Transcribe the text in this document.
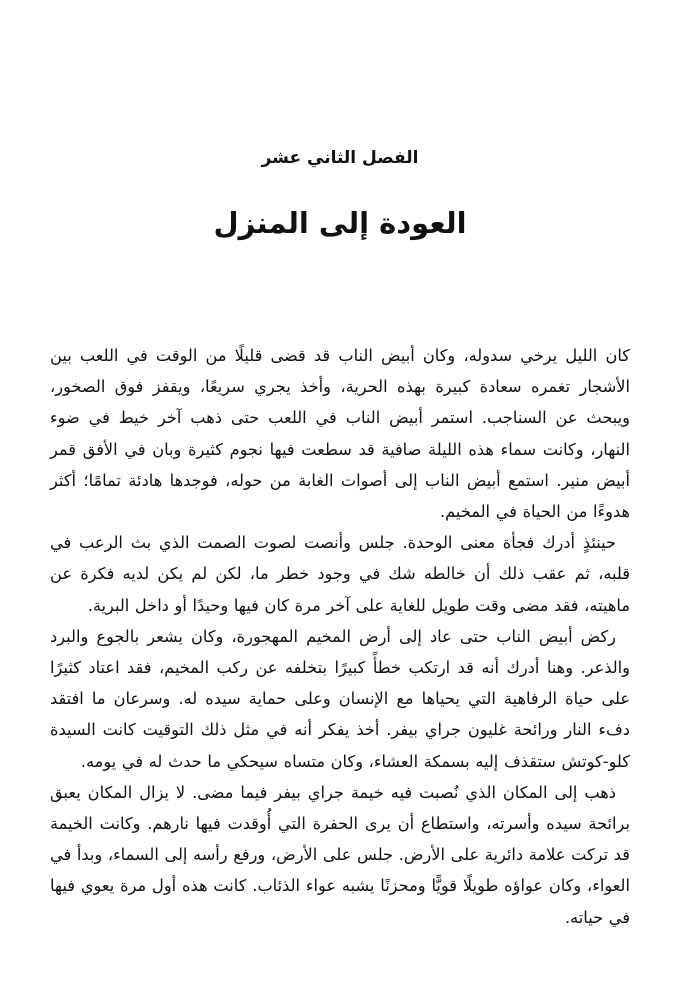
الفصل الثاني عشر
العودة إلى المنزل

كان الليل يرخي سدوله، وكان أبيض الناب قد قضى قليلًا من الوقت في اللعب بين الأشجار تغمره سعادة كبيرة بهذه الحرية، وأخذ يجري سريعًا، ويقفز فوق الصخور، ويبحث عن السناجب. استمر أبيض الناب في اللعب حتى ذهب آخر خيط في ضوء النهار، وكانت سماء هذه الليلة صافية قد سطعت فيها نجوم كثيرة وبان في الأفق قمر أبيض منير. استمع أبيض الناب إلى أصوات الغابة من حوله، فوجدها هادئة تمامًا؛ أكثر هدوءًا من الحياة في المخيم.

حينئذٍ أدرك فجأة معنى الوحدة. جلس وأنصت لصوت الصمت الذي بث الرعب في قلبه، ثم عقب ذلك أن خالطه شك في وجود خطر ما، لكن لم يكن لديه فكرة عن ماهيته، فقد مضى وقت طويل للغاية على آخر مرة كان فيها وحيدًا أو داخل البرية.

ركض أبيض الناب حتى عاد إلى أرض المخيم المهجورة، وكان يشعر بالجوع والبرد والذعر. وهنا أدرك أنه قد ارتكب خطأً كبيرًا بتخلفه عن ركب المخيم، فقد اعتاد كثيرًا على حياة الرفاهية التي يحياها مع الإنسان وعلى حماية سيده له. وسرعان ما افتقد دفء النار ورائحة غليون جراي بيفر. أخذ يفكر أنه في مثل ذلك التوقيت كانت السيدة كلو-كوتش ستقذف إليه بسمكة العشاء، وكان متساه سيحكي ما حدث له في يومه.

ذهب إلى المكان الذي نُصبت فيه خيمة جراي بيفر فيما مضى. لا يزال المكان يعبق برائحة سيده وأسرته، واستطاع أن يرى الحفرة التي أُوقدت فيها نارهم. وكانت الخيمة قد تركت علامة دائرية على الأرض. جلس على الأرض، ورفع رأسه إلى السماء، وبدأ في العواء، وكان عواؤه طويلًا قويًّا ومحزنًا يشبه عواء الذئاب. كانت هذه أول مرة يعوي فيها في حياته.
